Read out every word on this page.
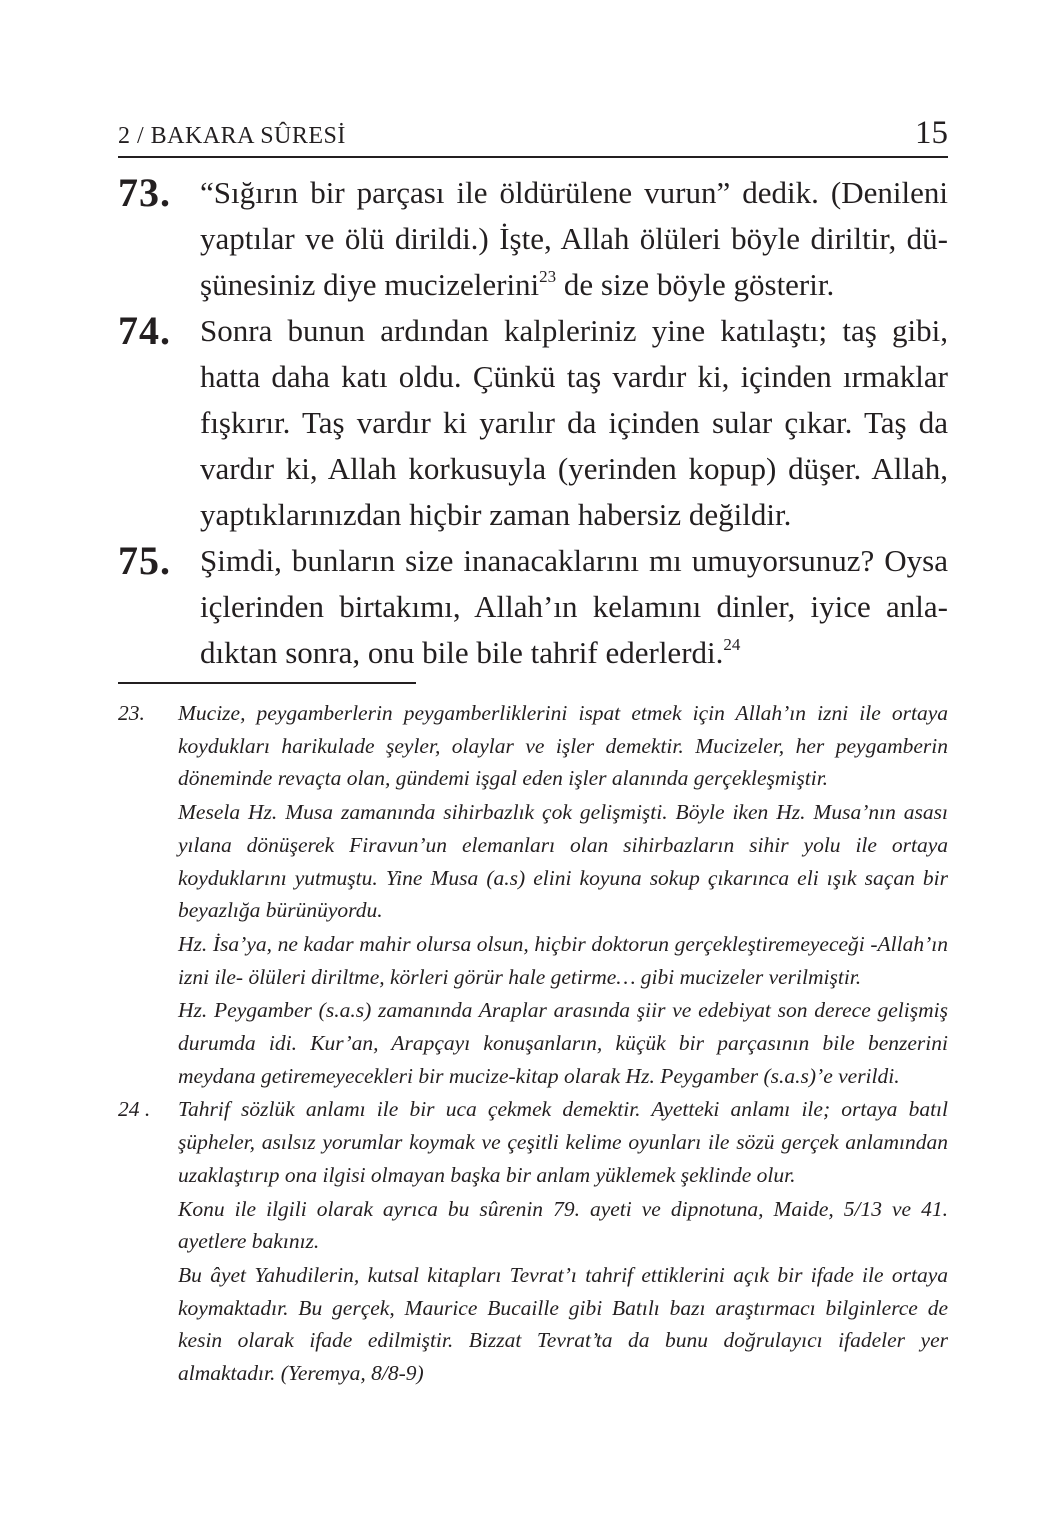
2 / BAKARA SÛRESİ	15
73. “Sığırın bir parçası ile öldürülene vurun” dedik. (Denileni yaptılar ve ölü dirildi.) İşte, Allah ölüleri böyle diriltir, düşünesiniz diye mucizelerini$^{23}$ de size böyle gösterir.
74. Sonra bunun ardından kalpleriniz yine katılaştı; taş gibi, hatta daha katı oldu. Çünkü taş vardır ki, içinden ırmaklar fışkırır. Taş vardır ki yarılır da içinden sular çıkar. Taş da vardır ki, Allah korkusuyla (yerinden kopup) düşer. Allah, yaptıklarınızdan hiçbir zaman habersiz değildir.
75. Şimdi, bunların size inanacaklarını mı umuyorsunuz? Oysa içlerinden birtakımı, Allah’ın kelamını dinler, iyice anladıktan sonra, onu bile bile tahrif ederlerdi.$^{24}$
23.	Mucize, peygamberlerin peygamberliklerini ispat etmek için Allah’ın izni ile ortaya koydukları harikulade şeyler, olaylar ve işler demektir. Mucizeler, her peygamberin döneminde revaçta olan, gündemi işgal eden işler alanında gerçekleşmiştir.

Mesela Hz. Musa zamanında sihirbazlık çok gelişmişti. Böyle iken Hz. Musa’nın asası yılana dönüşerek Firavun’un elemanları olan sihirbazların sihir yolu ile ortaya koyduklarını yutmuştu. Yine Musa (a.s) elini koyuna sokup çıkarınca eli ışık saçan bir beyazlığa bürünüyordu.

Hz. İsa’ya, ne kadar mahir olursa olsun, hiçbir doktorun gerçekleştiremeyeceği -Allah’ın izni ile- ölüleri diriltme, körleri görür hale getirme… gibi mucizeler verilmiştir.

Hz. Peygamber (s.a.s) zamanında Araplar arasında şiir ve edebiyat son derece gelişmiş durumda idi. Kur’an, Arapçayı konuşanların, küçük bir parçasının bile benzerini meydana getiremeyecekleri bir mucize-kitap olarak Hz. Peygamber (s.a.s)’e verildi.

24 .	Tahrif sözlük anlamı ile bir uca çekmek demektir. Ayetteki anlamı ile; ortaya batıl şüpheler, asılsız yorumlar koymak ve çeşitli kelime oyunları ile sözü gerçek anlamından uzaklaştırıp ona ilgisi olmayan başka bir anlam yüklemek şeklinde olur.

Konu ile ilgili olarak ayrıca bu sûrenin 79. ayeti ve dipnotuna, Maide, 5/13 ve 41. ayetlere bakınız.

Bu âyet Yahudilerin, kutsal kitapları Tevrat’ı tahrif ettiklerini açık bir ifade ile ortaya koymaktadır. Bu gerçek, Maurice Bucaille gibi Batılı bazı araştırmacı bilginlerce de kesin olarak ifade edilmiştir. Bizzat Tevrat’ta da bunu doğrulayıcı ifadeler yer almaktadır. (Yeremya, 8/8-9)
